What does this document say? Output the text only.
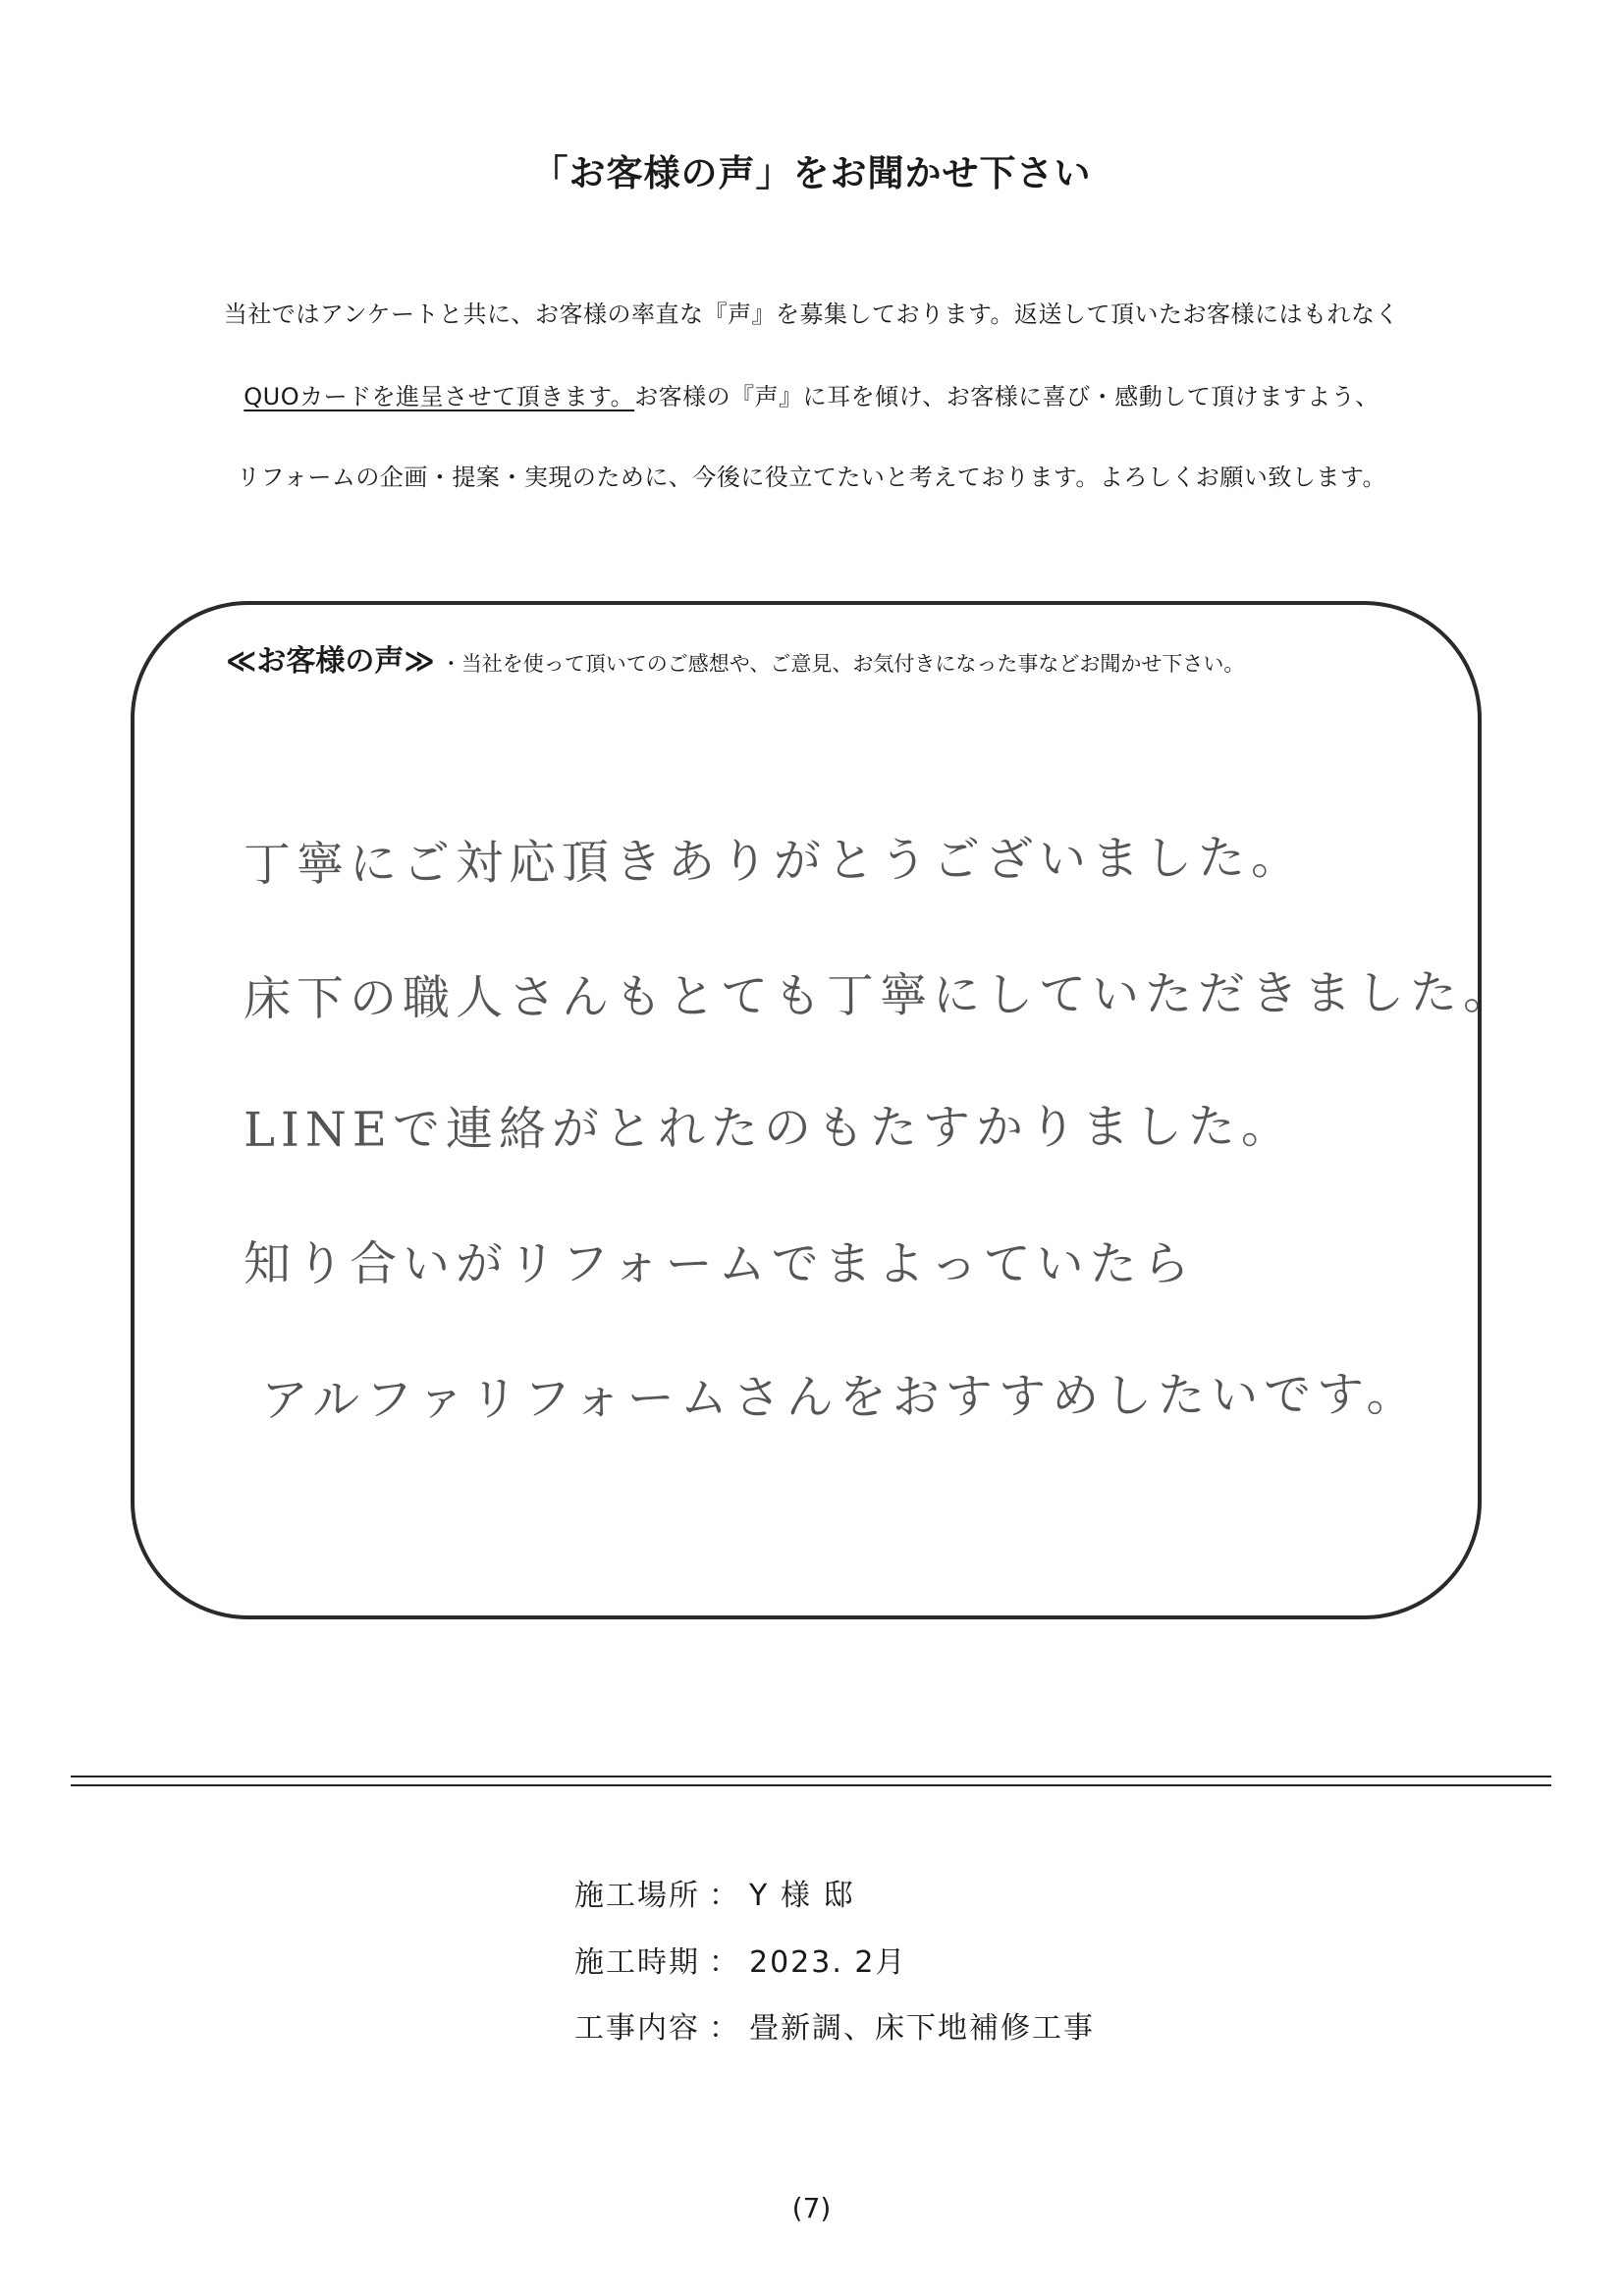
「お客様の声」をお聞かせ下さい
当社ではアンケートと共に、お客様の率直な『声』を募集しております。返送して頂いたお客様にはもれなく
QUOカードを進呈させて頂きます。お客様の『声』に耳を傾け、お客様に喜び・感動して頂けますよう、
リフォームの企画・提案・実現のために、今後に役立てたいと考えております。よろしくお願い致します。
≪お客様の声≫ ・当社を使って頂いてのご感想や、ご意見、お気付きになった事などお聞かせ下さい。
丁寧にご対応頂きありがとうございました。
床下の職人さんもとても丁寧にしていただきました。
LINEで連絡がとれたのもたすかりました。
知り合いがリフォームでまよっていたら
アルファリフォームさんをおすすめしたいです。
施工場所 ： Y 様 邸
施工時期 ： 2023. 2月
工事内容 ： 畳新調、床下地補修工事
(7)
